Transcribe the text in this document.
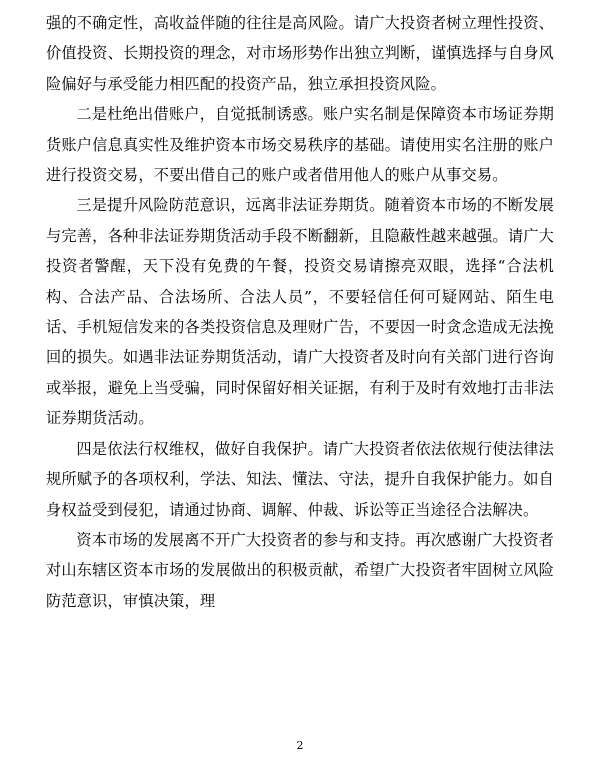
强的不确定性，高收益伴随的往往是高风险。请广大投资者树立理性投资、价值投资、长期投资的理念，对市场形势作出独立判断，谨慎选择与自身风险偏好与承受能力相匹配的投资产品，独立承担投资风险。

二是杜绝出借账户，自觉抵制诱惑。账户实名制是保障资本市场证券期货账户信息真实性及维护资本市场交易秩序的基础。请使用实名注册的账户进行投资交易，不要出借自己的账户或者借用他人的账户从事交易。

三是提升风险防范意识，远离非法证券期货。随着资本市场的不断发展与完善，各种非法证券期货活动手段不断翻新，且隐蔽性越来越强。请广大投资者警醒，天下没有免费的午餐，投资交易请擦亮双眼，选择“合法机构、合法产品、合法场所、合法人员”，不要轻信任何可疑网站、陌生电话、手机短信发来的各类投资信息及理财广告，不要因一时贪念造成无法挽回的损失。如遇非法证券期货活动，请广大投资者及时向有关部门进行咨询或举报，避免上当受骗，同时保留好相关证据，有利于及时有效地打击非法证券期货活动。

四是依法行权维权，做好自我保护。请广大投资者依法依规行使法律法规所赋予的各项权利，学法、知法、懂法、守法，提升自我保护能力。如自身权益受到侵犯，请通过协商、调解、仲裁、诉讼等正当途径合法解决。

资本市场的发展离不开广大投资者的参与和支持。再次感谢广大投资者对山东辖区资本市场的发展做出的积极贡献，希望广大投资者牢固树立风险防范意识，审慎决策，理

2
